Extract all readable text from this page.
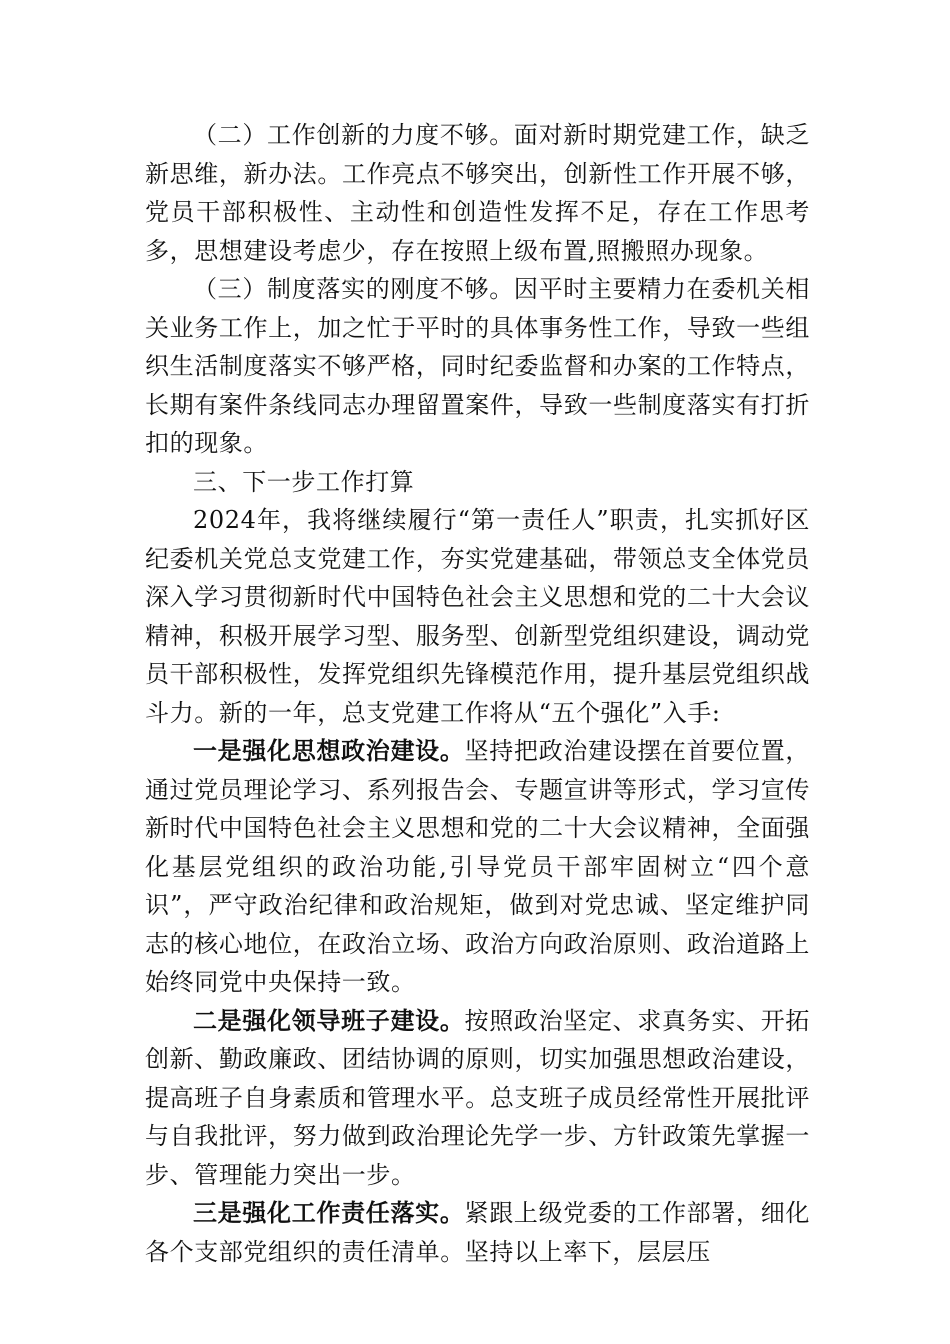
（二）工作创新的力度不够。面对新时期党建工作，缺乏新思维，新办法。工作亮点不够突出，创新性工作开展不够，党员干部积极性、主动性和创造性发挥不足，存在工作思考多，思想建设考虑少，存在按照上级布置,照搬照办现象。

（三）制度落实的刚度不够。因平时主要精力在委机关相关业务工作上，加之忙于平时的具体事务性工作，导致一些组织生活制度落实不够严格，同时纪委监督和办案的工作特点，长期有案件条线同志办理留置案件，导致一些制度落实有打折扣的现象。

三、下一步工作打算

2024年，我将继续履行“第一责任人”职责，扎实抓好区纪委机关党总支党建工作，夯实党建基础，带领总支全体党员深入学习贯彻新时代中国特色社会主义思想和党的二十大会议精神，积极开展学习型、服务型、创新型党组织建设，调动党员干部积极性，发挥党组织先锋模范作用，提升基层党组织战斗力。新的一年，总支党建工作将从“五个强化”入手:

一是强化思想政治建设。坚持把政治建设摆在首要位置，通过党员理论学习、系列报告会、专题宣讲等形式，学习宣传新时代中国特色社会主义思想和党的二十大会议精神，全面强化基层党组织的政治功能,引导党员干部牢固树立“四个意识”，严守政治纪律和政治规矩，做到对党忠诚、坚定维护同志的核心地位，在政治立场、政治方向政治原则、政治道路上始终同党中央保持一致。

二是强化领导班子建设。按照政治坚定、求真务实、开拓创新、勤政廉政、团结协调的原则，切实加强思想政治建设，提高班子自身素质和管理水平。总支班子成员经常性开展批评与自我批评，努力做到政治理论先学一步、方针政策先掌握一步、管理能力突出一步。

三是强化工作责任落实。紧跟上级党委的工作部署，细化各个支部党组织的责任清单。坚持以上率下，层层压
